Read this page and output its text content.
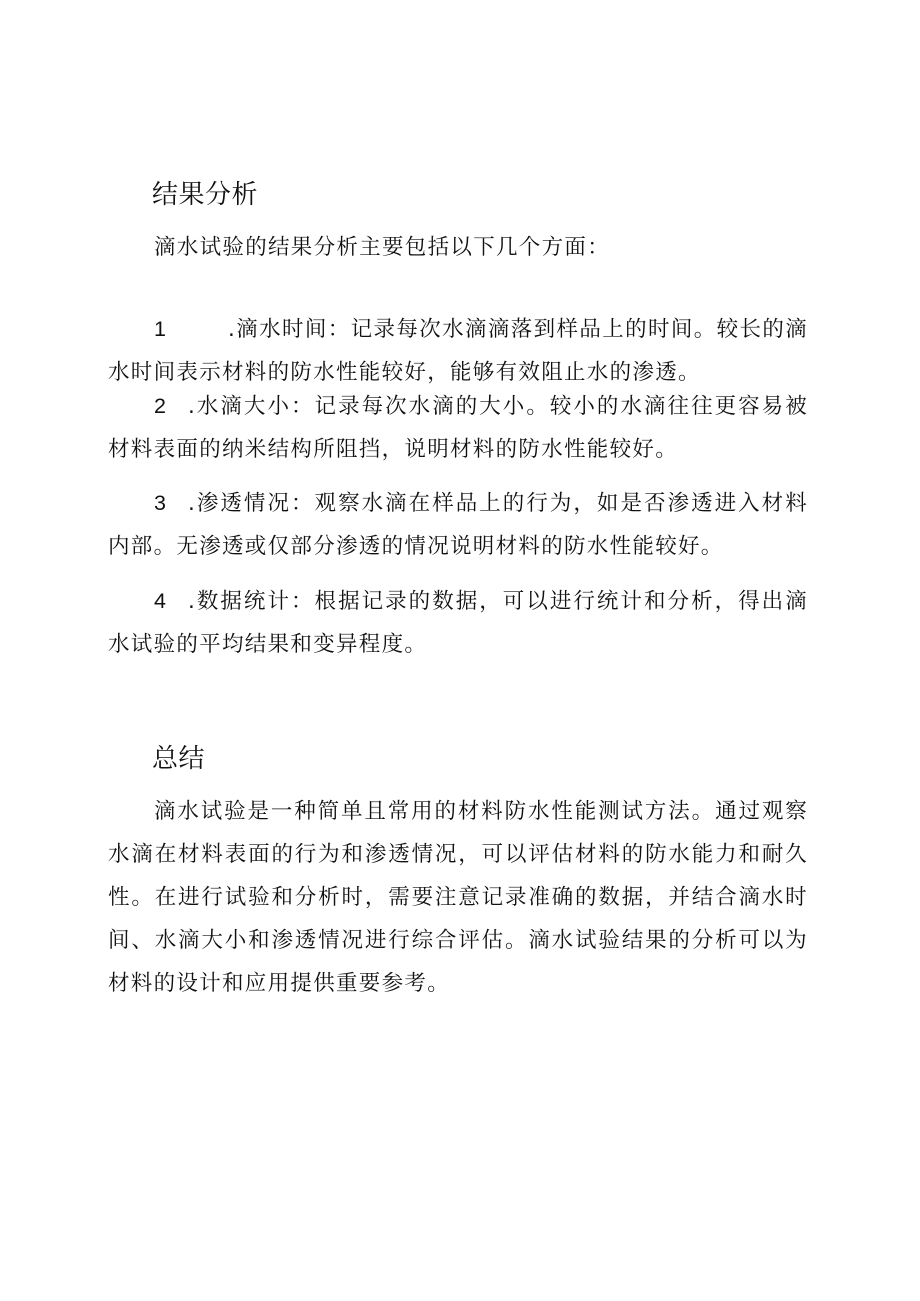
结果分析

滴水试验的结果分析主要包括以下几个方面：

1	.滴水时间：记录每次水滴滴落到样品上的时间。较长的滴水时间表示材料的防水性能较好，能够有效阻止水的渗透。

2 .水滴大小：记录每次水滴的大小。较小的水滴往往更容易被材料表面的纳米结构所阻挡，说明材料的防水性能较好。

3 .渗透情况：观察水滴在样品上的行为，如是否渗透进入材料内部。无渗透或仅部分渗透的情况说明材料的防水性能较好。

4 .数据统计：根据记录的数据，可以进行统计和分析，得出滴水试验的平均结果和变异程度。

总结

滴水试验是一种简单且常用的材料防水性能测试方法。通过观察水滴在材料表面的行为和渗透情况，可以评估材料的防水能力和耐久性。在进行试验和分析时，需要注意记录准确的数据，并结合滴水时间、水滴大小和渗透情况进行综合评估。滴水试验结果的分析可以为材料的设计和应用提供重要参考。
